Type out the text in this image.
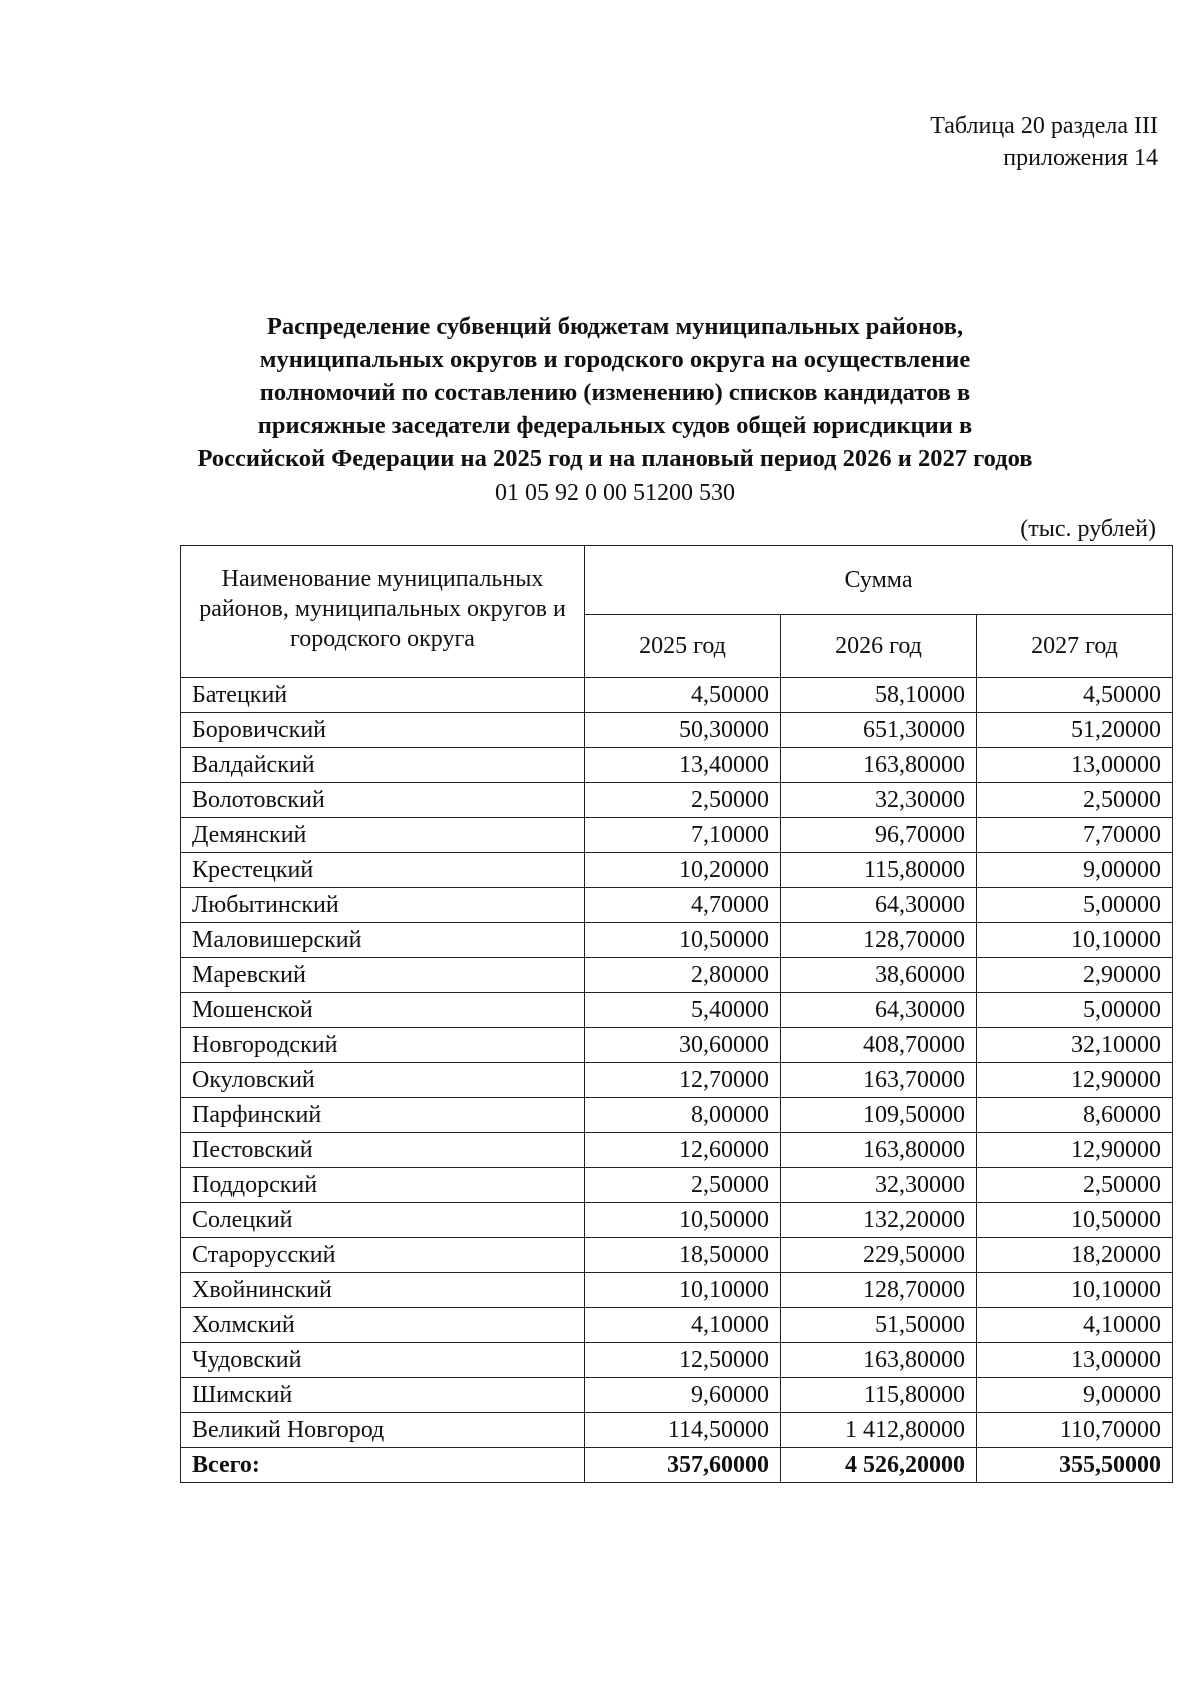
Таблица 20 раздела III
приложения 14
Распределение субвенций бюджетам муниципальных районов,
муниципальных округов и городского округа на осуществление
полномочий по составлению (изменению) списков кандидатов в
присяжные заседатели федеральных судов общей юрисдикции в
Российской Федерации на 2025 год и на плановый период 2026 и 2027 годов
01 05 92 0 00 51200 530
(тыс. рублей)
Наименование муниципальных районов, муниципальных округов и городского округа	Сумма		
	2025 год	2026 год	2027 год
Батецкий	4,50000	58,10000	4,50000
Боровичский	50,30000	651,30000	51,20000
Валдайский	13,40000	163,80000	13,00000
Волотовский	2,50000	32,30000	2,50000
Демянский	7,10000	96,70000	7,70000
Крестецкий	10,20000	115,80000	9,00000
Любытинский	4,70000	64,30000	5,00000
Маловишерский	10,50000	128,70000	10,10000
Маревский	2,80000	38,60000	2,90000
Мошенской	5,40000	64,30000	5,00000
Новгородский	30,60000	408,70000	32,10000
Окуловский	12,70000	163,70000	12,90000
Парфинский	8,00000	109,50000	8,60000
Пестовский	12,60000	163,80000	12,90000
Поддорский	2,50000	32,30000	2,50000
Солецкий	10,50000	132,20000	10,50000
Старорусский	18,50000	229,50000	18,20000
Хвойнинский	10,10000	128,70000	10,10000
Холмский	4,10000	51,50000	4,10000
Чудовский	12,50000	163,80000	13,00000
Шимский	9,60000	115,80000	9,00000
Великий Новгород	114,50000	1 412,80000	110,70000
Всего:	357,60000	4 526,20000	355,50000
